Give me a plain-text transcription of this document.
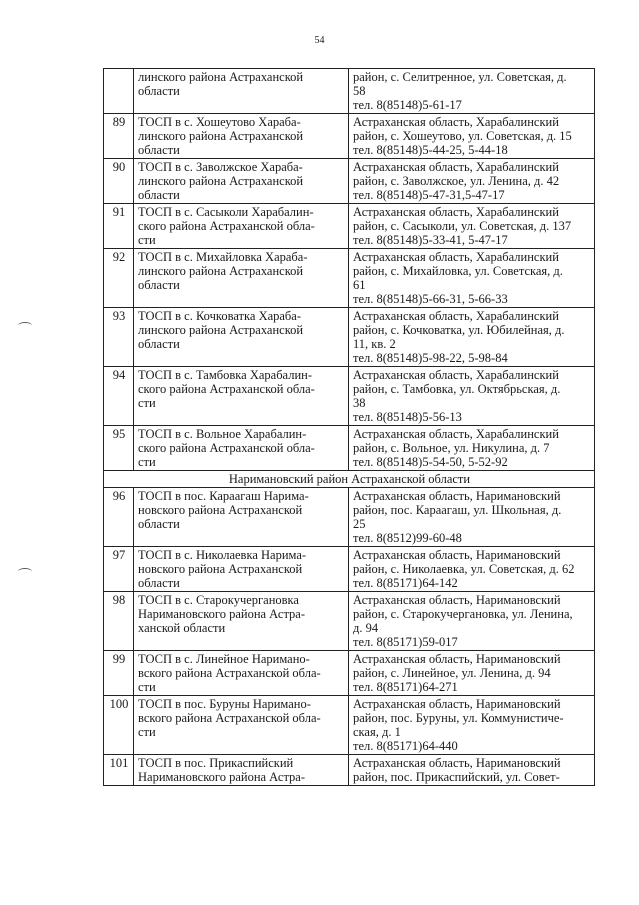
54

	линского района Астраханской
области	район, с. Селитренное, ул. Советская, д.
58
тел. 8(85148)5-61-17

89	ТОСП в с. Хошеутово Хараба-
линского района Астраханской
области	Астраханская область, Харабалинский
район, с. Хошеутово, ул. Советская, д. 15
тел. 8(85148)5-44-25, 5-44-18

90	ТОСП в с. Заволжское Хараба-
линского района Астраханской
области	Астраханская область, Харабалинский
район, с. Заволжское, ул. Ленина, д. 42
тел. 8(85148)5-47-31,5-47-17

91	ТОСП в с. Сасыколи Харабалин-
ского района Астраханской обла-
сти	Астраханская область, Харабалинский
район, с. Сасыколи, ул. Советская, д. 137
тел. 8(85148)5-33-41, 5-47-17

92	ТОСП в с. Михайловка Хараба-
линского района Астраханской
области	Астраханская область, Харабалинский
район, с. Михайловка, ул. Советская, д.
61
тел. 8(85148)5-66-31, 5-66-33

93	ТОСП в с. Кочковатка Хараба-
линского района Астраханской
области	Астраханская область, Харабалинский
район, с. Кочковатка, ул. Юбилейная, д.
11, кв. 2
тел. 8(85148)5-98-22, 5-98-84

94	ТОСП в с. Тамбовка Харабалин-
ского района Астраханской обла-
сти	Астраханская область, Харабалинский
район, с. Тамбовка, ул. Октябрьская, д.
38
тел. 8(85148)5-56-13

95	ТОСП в с. Вольное Харабалин-
ского района Астраханской обла-
сти	Астраханская область, Харабалинский
район, с. Вольное, ул. Никулина, д. 7
тел. 8(85148)5-54-50, 5-52-92

Наримановский район Астраханской области		
96	ТОСП в пос. Караагаш Нарима-
новского района Астраханской
области	Астраханская область, Наримановский
район, пос. Караагаш, ул. Школьная, д.
25
тел. 8(8512)99-60-48

97	ТОСП в с. Николаевка Нарима-
новского района Астраханской
области	Астраханская область, Наримановский
район, с. Николаевка, ул. Советская, д. 62
тел. 8(85171)64-142

98	ТОСП в с. Старокучергановка
Наримановского района Астра-
ханской области	Астраханская область, Наримановский
район, с. Старокучергановка, ул. Ленина,
д. 94
тел. 8(85171)59-017

99	ТОСП в с. Линейное Наримано-
вского района Астраханской обла-
сти	Астраханская область, Наримановский
район, с. Линейное, ул. Ленина, д. 94
тел. 8(85171)64-271

100	ТОСП в пос. Буруны Наримано-
вского района Астраханской обла-
сти	Астраханская область, Наримановский
район, пос. Буруны, ул. Коммунистиче-
ская, д. 1
тел. 8(85171)64-440

101	ТОСП в пос. Прикаспийский
Наримановского района Астра-	Астраханская область, Наримановский
район, пос. Прикаспийский, ул. Совет-
